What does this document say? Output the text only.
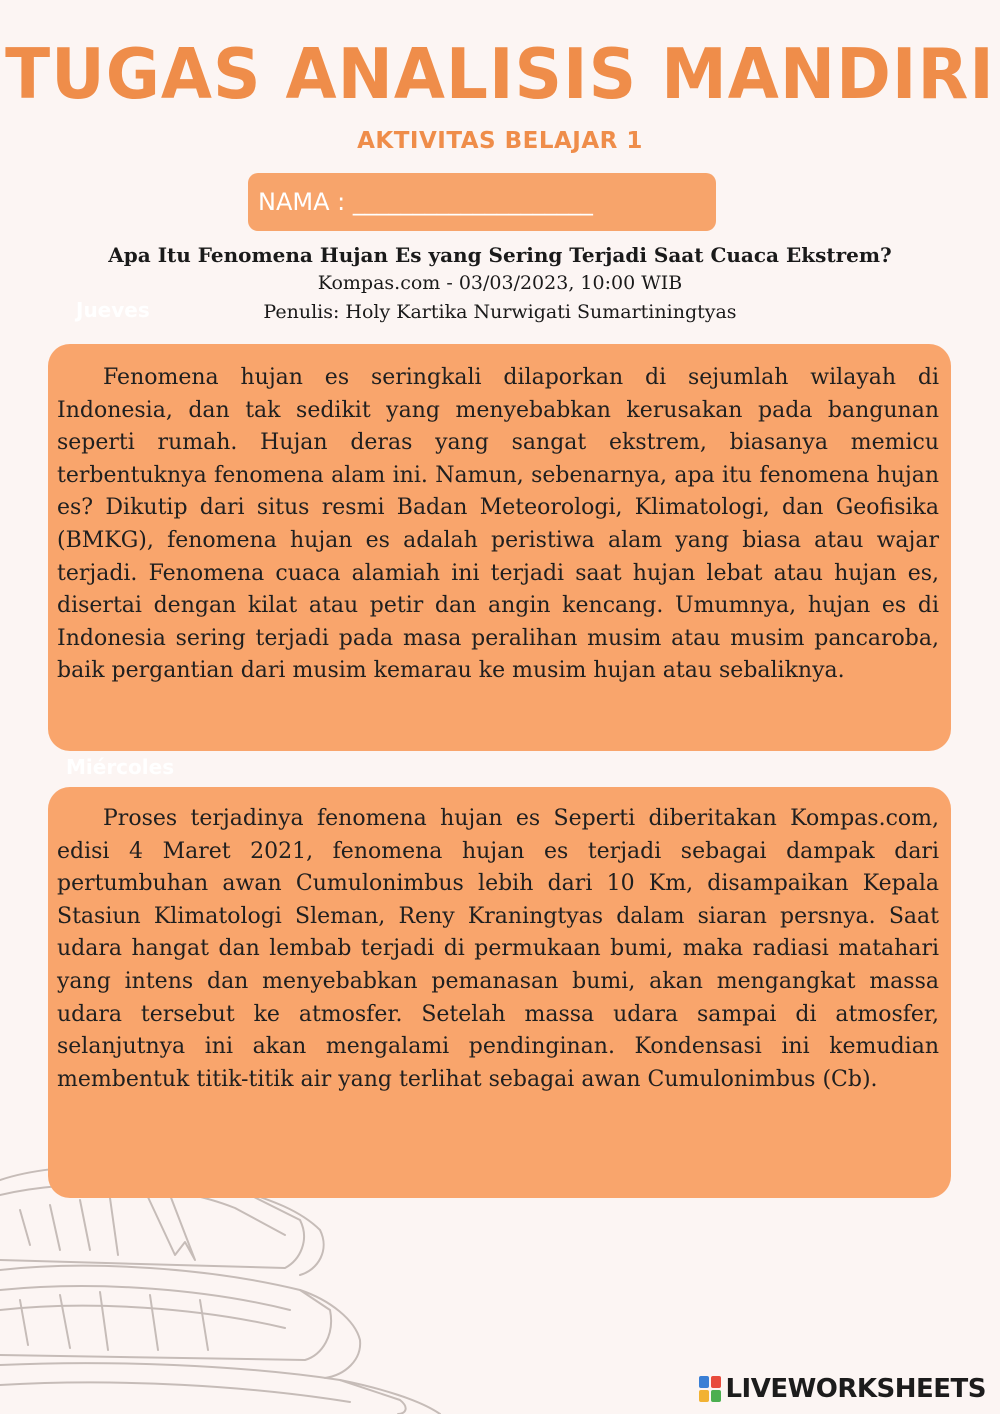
TUGAS ANALISIS MANDIRI
AKTIVITAS BELAJAR 1
NAMA : ____________________
Apa Itu Fenomena Hujan Es yang Sering Terjadi Saat Cuaca Ekstrem?
Kompas.com - 03/03/2023, 10:00 WIB
Penulis: Holy Kartika Nurwigati Sumartiningtyas
Jueves
Miércoles

Fenomena hujan es seringkali dilaporkan di sejumlah wilayah di Indonesia, dan tak sedikit yang menyebabkan kerusakan pada bangunan seperti rumah. Hujan deras yang sangat ekstrem, biasanya memicu terbentuknya fenomena alam ini. Namun, sebenarnya, apa itu fenomena hujan es? Dikutip dari situs resmi Badan Meteorologi, Klimatologi, dan Geofisika (BMKG), fenomena hujan es adalah peristiwa alam yang biasa atau wajar terjadi. Fenomena cuaca alamiah ini terjadi saat hujan lebat atau hujan es, disertai dengan kilat atau petir dan angin kencang. Umumnya, hujan es di Indonesia sering terjadi pada masa peralihan musim atau musim pancaroba, baik pergantian dari musim kemarau ke musim hujan atau sebaliknya.

Proses terjadinya fenomena hujan es Seperti diberitakan Kompas.com, edisi 4 Maret 2021, fenomena hujan es terjadi sebagai dampak dari pertumbuhan awan Cumulonimbus lebih dari 10 Km, disampaikan Kepala Stasiun Klimatologi Sleman, Reny Kraningtyas dalam siaran persnya. Saat udara hangat dan lembab terjadi di permukaan bumi, maka radiasi matahari yang intens dan menyebabkan pemanasan bumi, akan mengangkat massa udara tersebut ke atmosfer. Setelah massa udara sampai di atmosfer, selanjutnya ini akan mengalami pendinginan. Kondensasi ini kemudian membentuk titik-titik air yang terlihat sebagai awan Cumulonimbus (Cb).

LIVEWORKSHEETS
